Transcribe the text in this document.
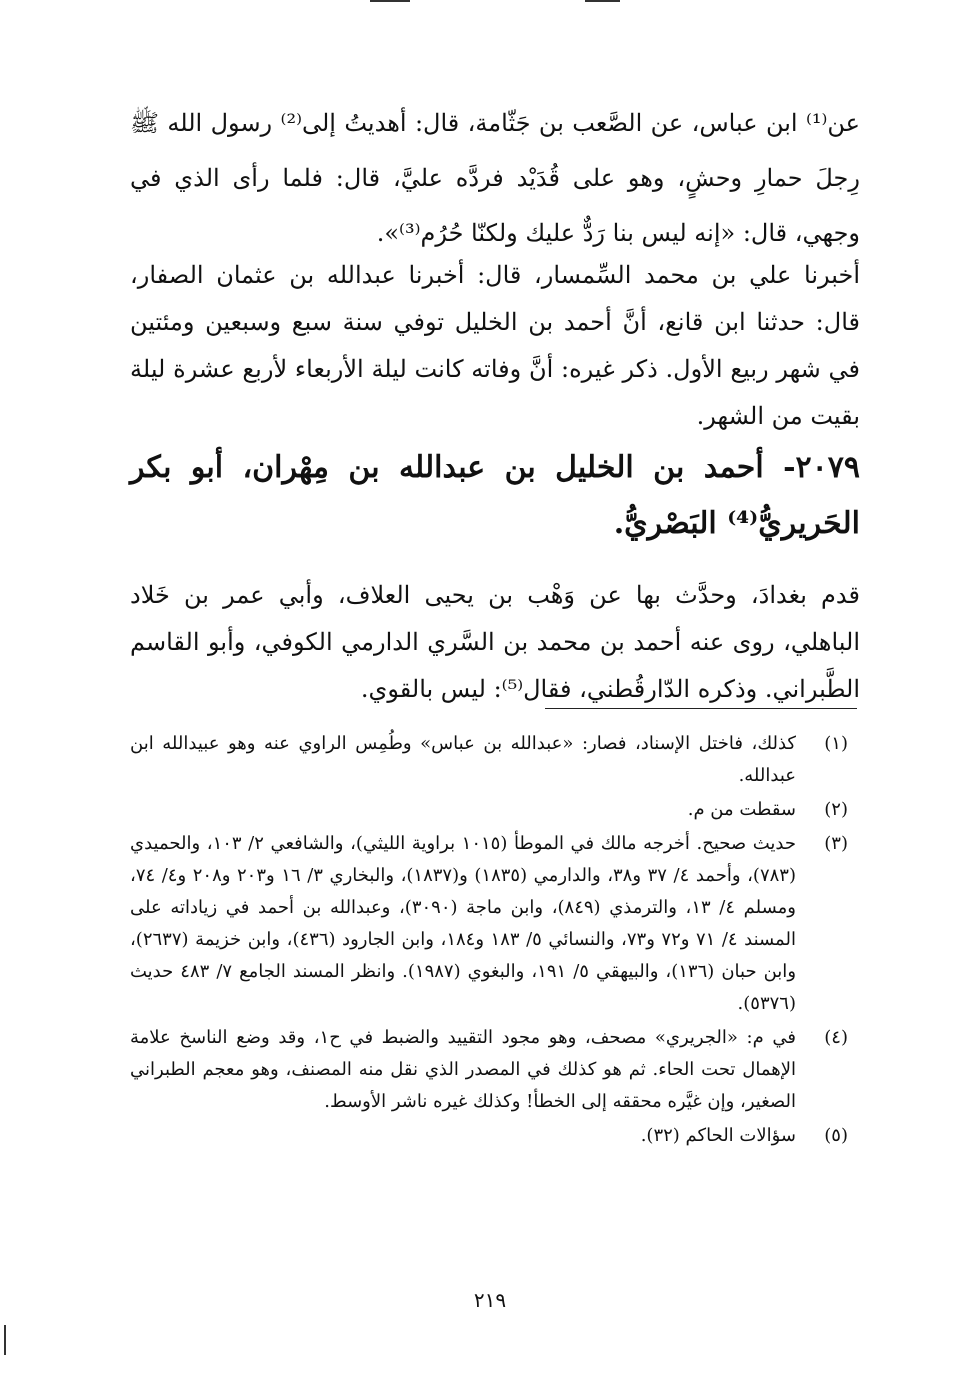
عن⁽¹⁾ ابن عباس، عن الصَّعب بن جَثّامة، قال: أهديتُ إلى⁽²⁾ رسول الله ﷺ رِجلَ حمارِ وحشٍ، وهو على قُدَيْد فردَّه عليَّ، قال: فلما رأى الذي في وجهي، قال: «إنه ليس بنا رَدٌّ عليك ولكنّا حُرُم⁽³⁾».

أخبرنا علي بن محمد السِّمسار، قال: أخبرنا عبدالله بن عثمان الصفار، قال: حدثنا ابن قانع، أنَّ أحمد بن الخليل توفي سنة سبع وسبعين ومئتين في شهر ربيع الأول. ذكر غيره: أنَّ وفاته كانت ليلة الأربعاء لأربع عشرة ليلة بقيت من الشهر.

٢٠٧٩- أحمد بن الخليل بن عبدالله بن مِهْران، أبو بكر الحَريريُّ⁽⁴⁾ البَصْريُّ.

قدم بغدادَ، وحدَّث بها عن وَهْب بن يحيى العلاف، وأبي عمر بن خَلاد الباهلي، روى عنه أحمد بن محمد بن السَّري الدارمي الكوفي، وأبو القاسم الطَّبراني. وذكره الدّارقُطني، فقال⁽⁵⁾: ليس بالقوي.

(١)
كذلك، فاختل الإسناد، فصار: «عبدالله بن عباس» وطُمِس الراوي عنه وهو عبيدالله ابن عبدالله.
(٢)
سقطت من م.
(٣)
حديث صحيح. أخرجه مالك في الموطأ (١٠١٥ براوية الليثي)، والشافعي ٢/ ١٠٣، والحميدي (٧٨٣)، وأحمد ٤/ ٣٧ و٣٨، والدارمي (١٨٣٥) و(١٨٣٧)، والبخاري ٣/ ١٦ و٢٠٣ و٢٠٨ و٤/ ٧٤، ومسلم ٤/ ١٣، والترمذي (٨٤٩)، وابن ماجة (٣٠٩٠)، وعبدالله بن أحمد في زياداته على المسند ٤/ ٧١ و٧٢ و٧٣، والنسائي ٥/ ١٨٣ و١٨٤، وابن الجارود (٤٣٦)، وابن خزيمة (٢٦٣٧)، وابن حبان (١٣٦)، والبيهقي ٥/ ١٩١، والبغوي (١٩٨٧). وانظر المسند الجامع ٧/ ٤٨٣ حديث (٥٣٧٦).
(٤)
في م: «الجريري» مصحف، وهو مجود التقييد والضبط في ح١، وقد وضع الناسخ علامة الإهمال تحت الحاء. ثم هو كذلك في المصدر الذي نقل منه المصنف، وهو معجم الطبراني الصغير، وإن غيَّره محققه إلى الخطأ! وكذلك غيره ناشر الأوسط.
(٥)
سؤالات الحاكم (٣٢).
٢١٩
